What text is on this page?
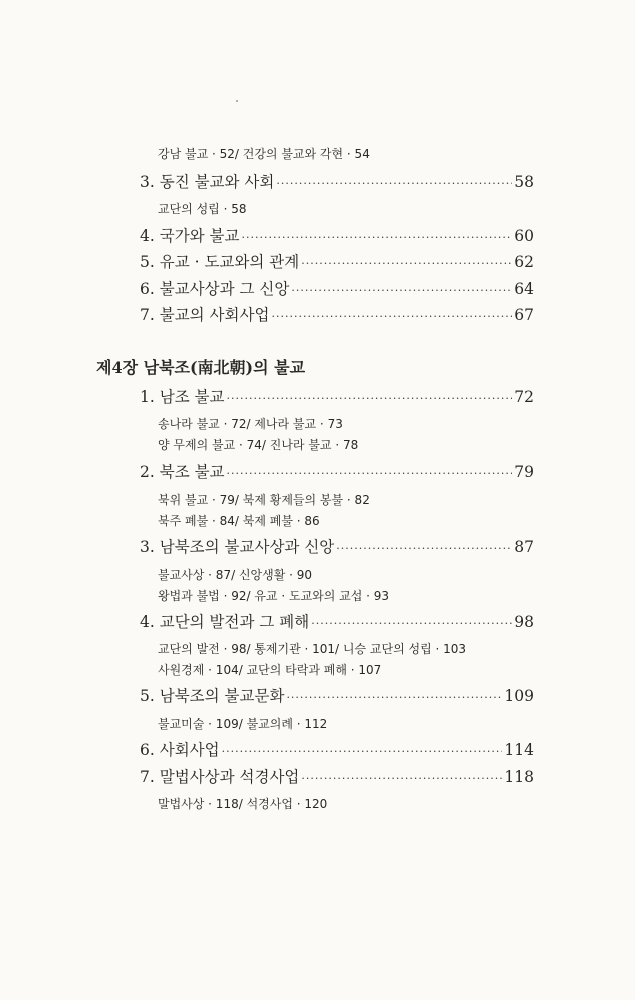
강남 불교 · 52/ 건강의 불교와 각현 · 54
3. 동진 불교와 사회 ·····	58
교단의 성립 · 58
4. 국가와 불교 ·····	60
5. 유교 · 도교와의 관계 ·····	62
6. 불교사상과 그 신앙 ·····	64
7. 불교의 사회사업 ·····	67
제4장 남북조(南北朝)의 불교
1. 남조 불교 ·····	72
송나라 불교 · 72/ 제나라 불교 · 73
양 무제의 불교 · 74/ 진나라 불교 · 78
2. 북조 불교 ·····	79
북위 불교 · 79/ 북제 황제들의 봉불 · 82
북주 폐불 · 84/ 북제 폐불 · 86
3. 남북조의 불교사상과 신앙 ·····	87
불교사상 · 87/ 신앙생활 · 90
왕법과 불법 · 92/ 유교 · 도교와의 교섭 · 93
4. 교단의 발전과 그 폐해 ·····	98
교단의 발전 · 98/ 통제기관 · 101/ 니승 교단의 성립 · 103
사원경제 · 104/ 교단의 타락과 폐해 · 107
5. 남북조의 불교문화 ·····	109
불교미술 · 109/ 불교의례 · 112
6. 사회사업 ·····	114
7. 말법사상과 석경사업 ·····	118
말법사상 · 118/ 석경사업 · 120
